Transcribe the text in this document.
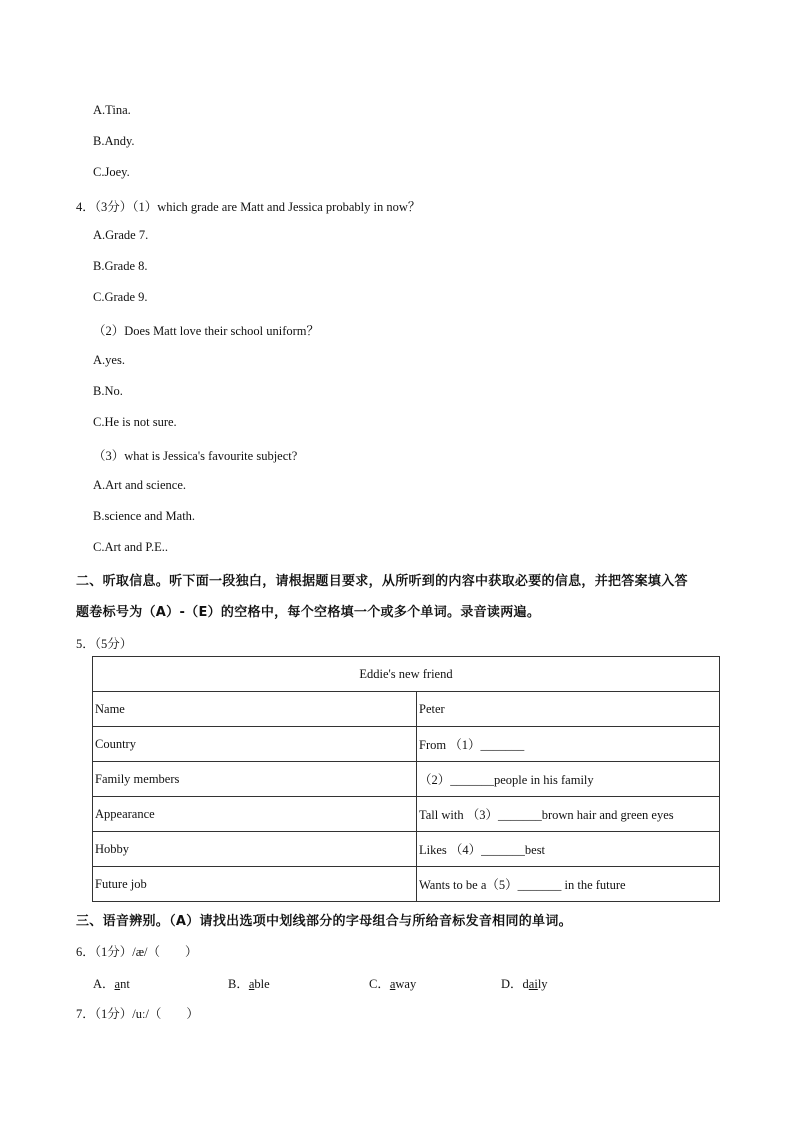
A.Tina.
B.Andy.
C.Joey.
4．（3分）（1）which grade are Matt and Jessica probably in now？
A.Grade 7.
B.Grade 8.
C.Grade 9.
（2）Does Matt love their school uniform？
A.yes.
B.No.
C.He is not sure.
（3）what is Jessica's favourite subject?
A.Art and science.
B.science and Math.
C.Art and P.E..
二、听取信息。听下面一段独白，请根据题目要求，从所听到的内容中获取必要的信息，并把答案填入答
题卷标号为（A）-（E）的空格中，每个空格填一个或多个单词。录音读两遍。
5．（5分）
Eddie's new friend	
Name	Peter
Country	From （1）_______
Family members	（2）_______people in his family
Appearance	Tall with （3）_______brown hair and green eyes
Hobby	Likes （4）_______best
Future job	Wants to be a（5）_______ in the future
三、语音辨别。（A）请找出选项中划线部分的字母组合与所给音标发音相同的单词。
6．（1分）/æ/（　　）
A．ant	B．able	C．away	D．daily
7．（1分）/uː/（　　）
